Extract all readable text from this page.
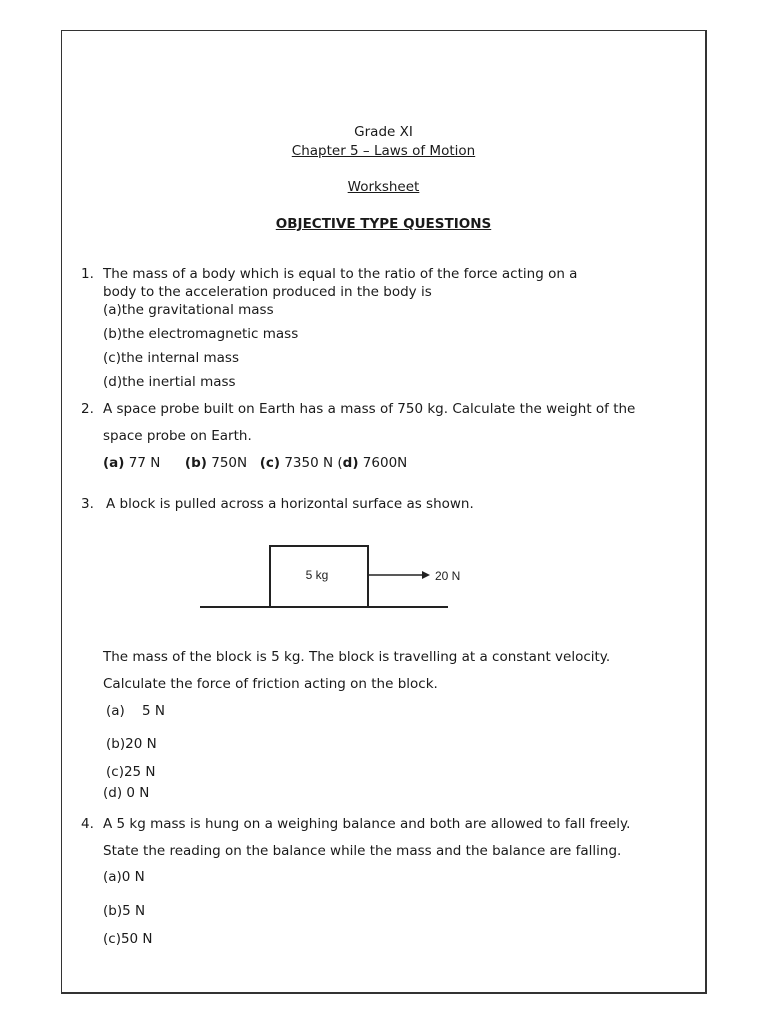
Grade XI
Chapter 5 – Laws of Motion
Worksheet
OBJECTIVE TYPE QUESTIONS
1. The mass of a body which is equal to the ratio of the force acting on a
body to the acceleration produced in the body is
(a)the gravitational mass
(b)the electromagnetic mass
(c)the internal mass
(d)the inertial mass
2. A space probe built on Earth has a mass of 750 kg. Calculate the weight of the
space probe on Earth.
(a) 77 N (b) 750N (c) 7350 N (d) 7600N
3. A block is pulled across a horizontal surface as shown.
The mass of the block is 5 kg. The block is travelling at a constant velocity.
Calculate the force of friction acting on the block.
(a)    5 N
(b)20 N
(c)25 N
(d) 0 N
4. A 5 kg mass is hung on a weighing balance and both are allowed to fall freely.
State the reading on the balance while the mass and the balance are falling.
(a)0 N
(b)5 N
(c)50 N
5 kg	20 N
